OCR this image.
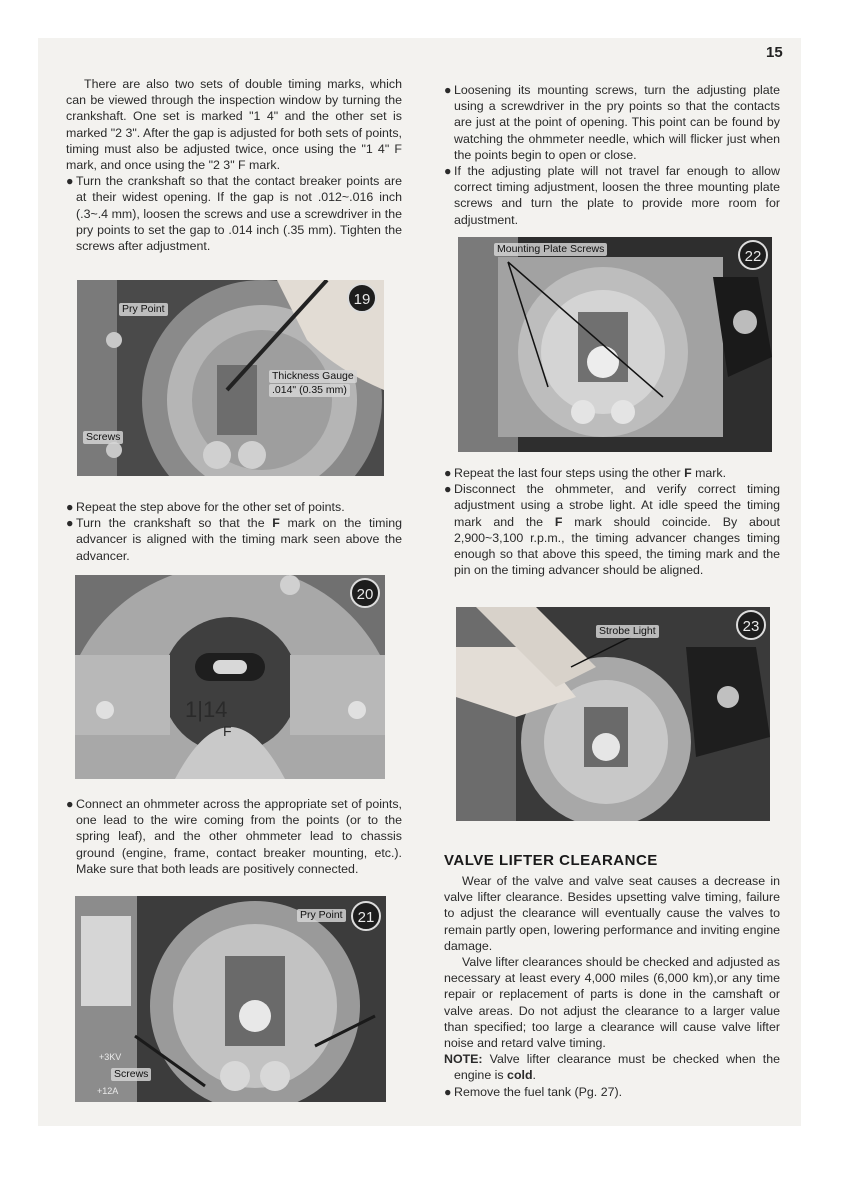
15

There are also two sets of double timing marks, which can be viewed through the inspection window by turning the crankshaft. One set is marked "1 4" and the other set is marked "2 3". After the gap is adjusted for both sets of points, timing must also be adjusted twice, once using the "1 4" F mark, and once using the "2 3" F mark.

● Turn the crankshaft so that the contact breaker points are at their widest opening. If the gap is not .012~.016 inch (.3~.4 mm), loosen the screws and use a screwdriver in the pry points to set the gap to .014 inch (.35 mm). Tighten the screws after adjustment.

Pry Point
Thickness Gauge
.014" (0.35 mm)
Screws
19

● Repeat the step above for the other set of points.

● Turn the crankshaft so that the F mark on the timing advancer is aligned with the timing mark seen above the advancer.

1|14
F
20

● Connect an ohmmeter across the appropriate set of points, one lead to the wire coming from the points (or to the spring leaf), and the other ohmmeter lead to chassis ground (engine, frame, contact breaker mounting, etc.). Make sure that both leads are positively connected.

+3KV
+12A
Pry Point
Screws
21

● Loosening its mounting screws, turn the adjusting plate using a screwdriver in the pry points so that the contacts are just at the point of opening. This point can be found by watching the ohmmeter needle, which will flicker just when the points begin to open or close.

● If the adjusting plate will not travel far enough to allow correct timing adjustment, loosen the three mounting plate screws and turn the plate to provide more room for adjustment.

Mounting Plate Screws	22

● Repeat the last four steps using the other F mark.

● Disconnect the ohmmeter, and verify correct timing adjustment using a strobe light. At idle speed the timing mark and the F mark should coincide. By about 2,900~3,100 r.p.m., the timing advancer changes timing enough so that above this speed, the timing mark and the pin on the timing advancer should be aligned.

Strobe Light	23
VALVE LIFTER CLEARANCE

Wear of the valve and valve seat causes a decrease in valve lifter clearance. Besides upsetting valve timing, failure to adjust the clearance will eventually cause the valves to remain partly open, lowering performance and inviting engine damage.

Valve lifter clearances should be checked and adjusted as necessary at least every 4,000 miles (6,000 km),or any time repair or replacement of parts is done in the camshaft or valve areas. Do not adjust the clearance to a larger value than specified; too large a clearance will cause valve lifter noise and retard valve timing.

NOTE: Valve lifter clearance must be checked when the engine is cold.

● Remove the fuel tank (Pg. 27).
